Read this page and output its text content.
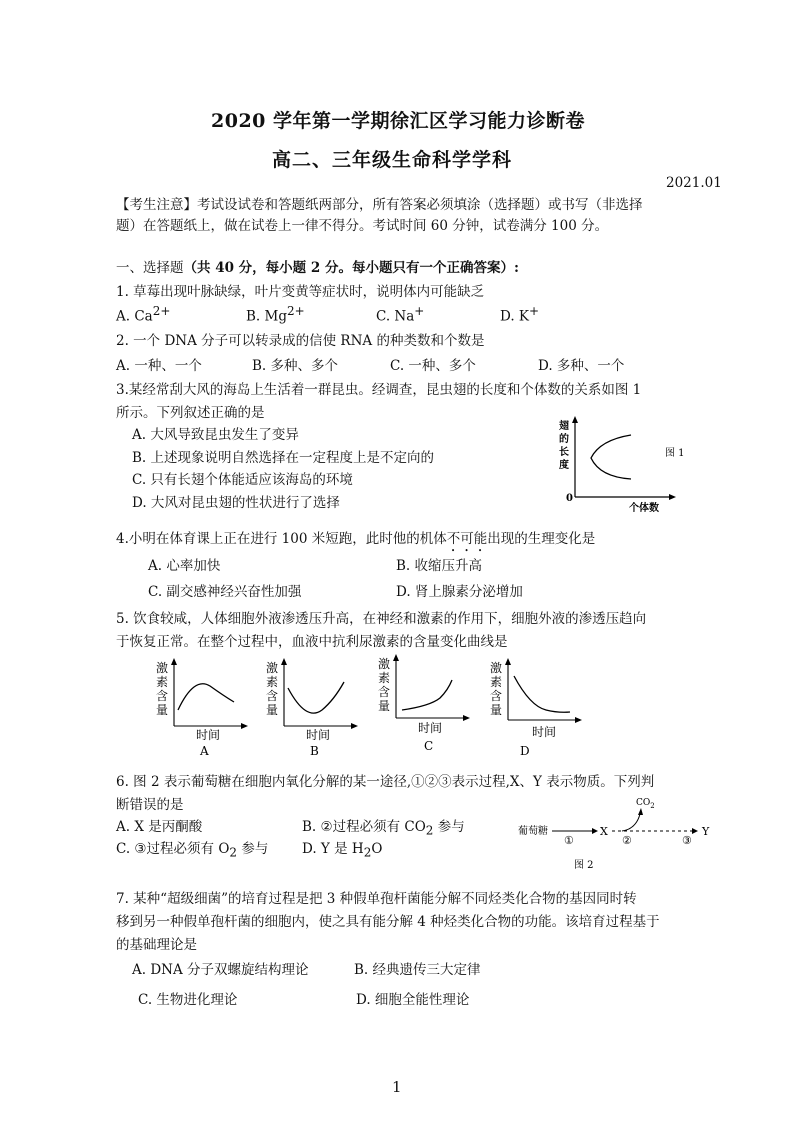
2020 学年第一学期徐汇区学习能力诊断卷
高二、三年级生命科学学科
2021.01
【考生注意】考试设试卷和答题纸两部分，所有答案必须填涂（选择题）或书写（非选择
题）在答题纸上，做在试卷上一律不得分。考试时间 60 分钟，试卷满分 100 分。
一、选择题（共 40 分，每小题 2 分。每小题只有一个正确答案）:
1. 草莓出现叶脉缺绿，叶片变黄等症状时，说明体内可能缺乏
A. $Ca^{2+}$	B. $Mg^{2+}$	C. Na+	D. K+
2. 一个 DNA 分子可以转录成的信使 RNA 的种类数和个数是
A. 一种、一个	B. 多种、多个	C. 一种、多个	D. 多种、一个
3.某经常刮大风的海岛上生活着一群昆虫。经调查，昆虫翅的长度和个体数的关系如图 1
所示。下列叙述正确的是
A. 大风导致昆虫发生了变异
B. 上述现象说明自然选择在一定程度上是不定向的
C. 只有长翅个体能适应该海岛的环境
D. 大风对昆虫翅的性状进行了选择
翅
的
长
度
0
个体数
图 1
4.小明在体育课上正在进行 100 米短跑，此时他的机体不可能出现的生理变化是
A. 心率加快	B. 收缩压升高
C. 副交感神经兴奋性加强	D. 肾上腺素分泌增加
5. 饮食较咸，人体细胞外液渗透压升高，在神经和激素的作用下，细胞外液的渗透压趋向
于恢复正常。在整个过程中，血液中抗利尿激素的含量变化曲线是
激
素
含
量
时间
A
激
素
含
量
时间
B
激
素
含
量
时间
C
激
素
含
量
时间
D
6. 图 2 表示葡萄糖在细胞内氧化分解的某一途径,①②③表示过程,X、Y 表示物质。下列判
断错误的是
A. X 是丙酮酸	B. ②过程必须有 $CO_2$ 参与
C. ③过程必须有 $O_2$ 参与 D. Y 是 $H_2O$
葡萄糖
①
X	Y
$CO_2$
②	③
图 2
7. 某种“超级细菌”的培育过程是把 3 种假单孢杆菌能分解不同烃类化合物的基因同时转
移到另一种假单孢杆菌的细胞内，使之具有能分解 4 种烃类化合物的功能。该培育过程基于
的基础理论是
A. DNA 分子双螺旋结构理论	B. 经典遗传三大定律
C. 生物进化理论	D. 细胞全能性理论
1
